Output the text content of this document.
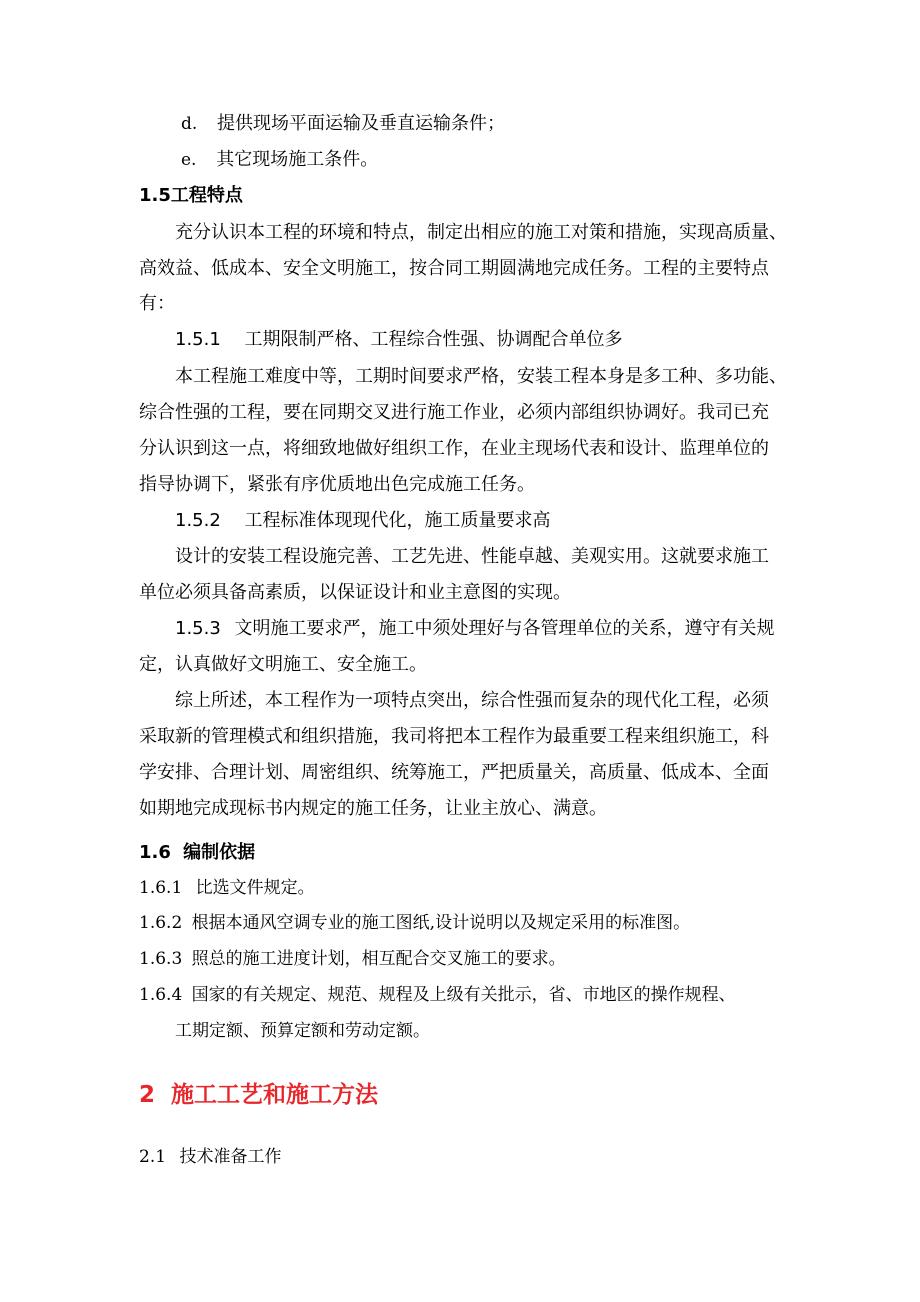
d. 提供现场平面运输及垂直运输条件；
e. 其它现场施工条件。
1.5工程特点
充分认识本工程的环境和特点，制定出相应的施工对策和措施，实现高质量、
高效益、低成本、安全文明施工，按合同工期圆满地完成任务。工程的主要特点
有：
1.5.1 工期限制严格、工程综合性强、协调配合单位多
本工程施工难度中等，工期时间要求严格，安装工程本身是多工种、多功能、
综合性强的工程，要在同期交叉进行施工作业，必须内部组织协调好。我司已充
分认识到这一点，将细致地做好组织工作，在业主现场代表和设计、监理单位的
指导协调下，紧张有序优质地出色完成施工任务。
1.5.2 工程标准体现现代化，施工质量要求高
设计的安装工程设施完善、工艺先进、性能卓越、美观实用。这就要求施工
单位必须具备高素质，以保证设计和业主意图的实现。
1.5.3 文明施工要求严，施工中须处理好与各管理单位的关系，遵守有关规
定，认真做好文明施工、安全施工。
综上所述，本工程作为一项特点突出，综合性强而复杂的现代化工程，必须
采取新的管理模式和组织措施，我司将把本工程作为最重要工程来组织施工，科
学安排、合理计划、周密组织、统筹施工，严把质量关，高质量、低成本、全面
如期地完成现标书内规定的施工任务，让业主放心、满意。
1.6 编制依据
1.6.1 比选文件规定。
1.6.2 根据本通风空调专业的施工图纸,设计说明以及规定采用的标准图。
1.6.3 照总的施工进度计划，相互配合交叉施工的要求。
1.6.4 国家的有关规定、规范、规程及上级有关批示，省、市地区的操作规程、
工期定额、预算定额和劳动定额。
2 施工工艺和施工方法
2.1 技术准备工作
